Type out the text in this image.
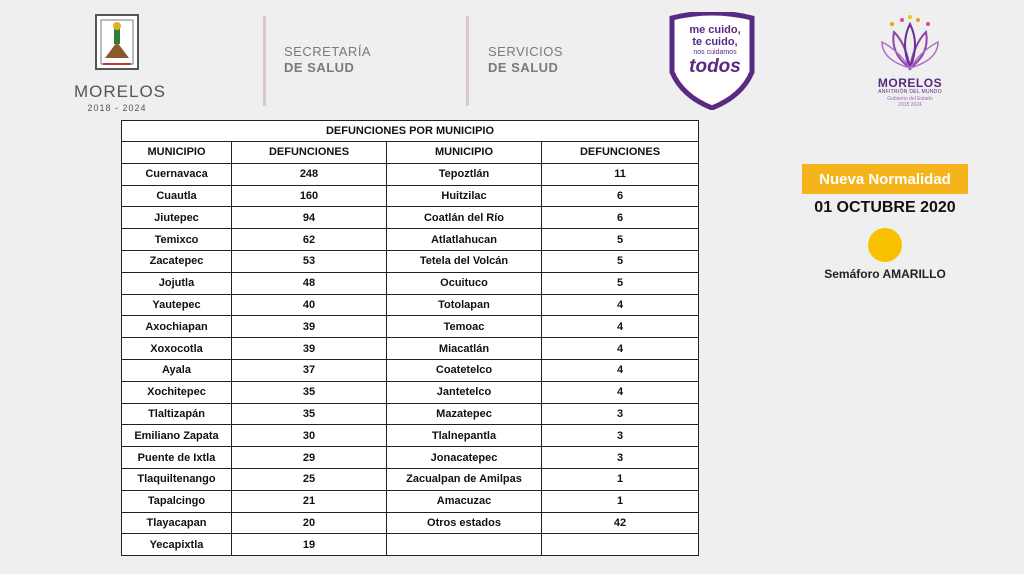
MORELOS
2018 - 2024
SECRETARÍA
DE SALUD
SERVICIOS
DE SALUD
me cuido,
te cuido,
nos cuidamos
todos
MORELOS
ANFITRIÓN DEL MUNDO
Gobierno del Estado
2018 2024
DEFUNCIONES POR MUNICIPIO			
MUNICIPIO	DEFUNCIONES	MUNICIPIO	DEFUNCIONES
Cuernavaca	248	Tepoztlán	11
Cuautla	160	Huitzilac	6
Jiutepec	94	Coatlán del Río	6
Temixco	62	Atlatlahucan	5
Zacatepec	53	Tetela del Volcán	5
Jojutla	48	Ocuituco	5
Yautepec	40	Totolapan	4
Axochiapan	39	Temoac	4
Xoxocotla	39	Miacatlán	4
Ayala	37	Coatetelco	4
Xochitepec	35	Jantetelco	4
Tlaltizapán	35	Mazatepec	3
Emiliano Zapata	30	Tlalnepantla	3
Puente de Ixtla	29	Jonacatepec	3
Tlaquiltenango	25	Zacualpan de Amilpas	1
Tapalcingo	21	Amacuzac	1
Tlayacapan	20	Otros estados	42
Yecapixtla	19		
Nueva Normalidad
01 OCTUBRE 2020
Semáforo AMARILLO
